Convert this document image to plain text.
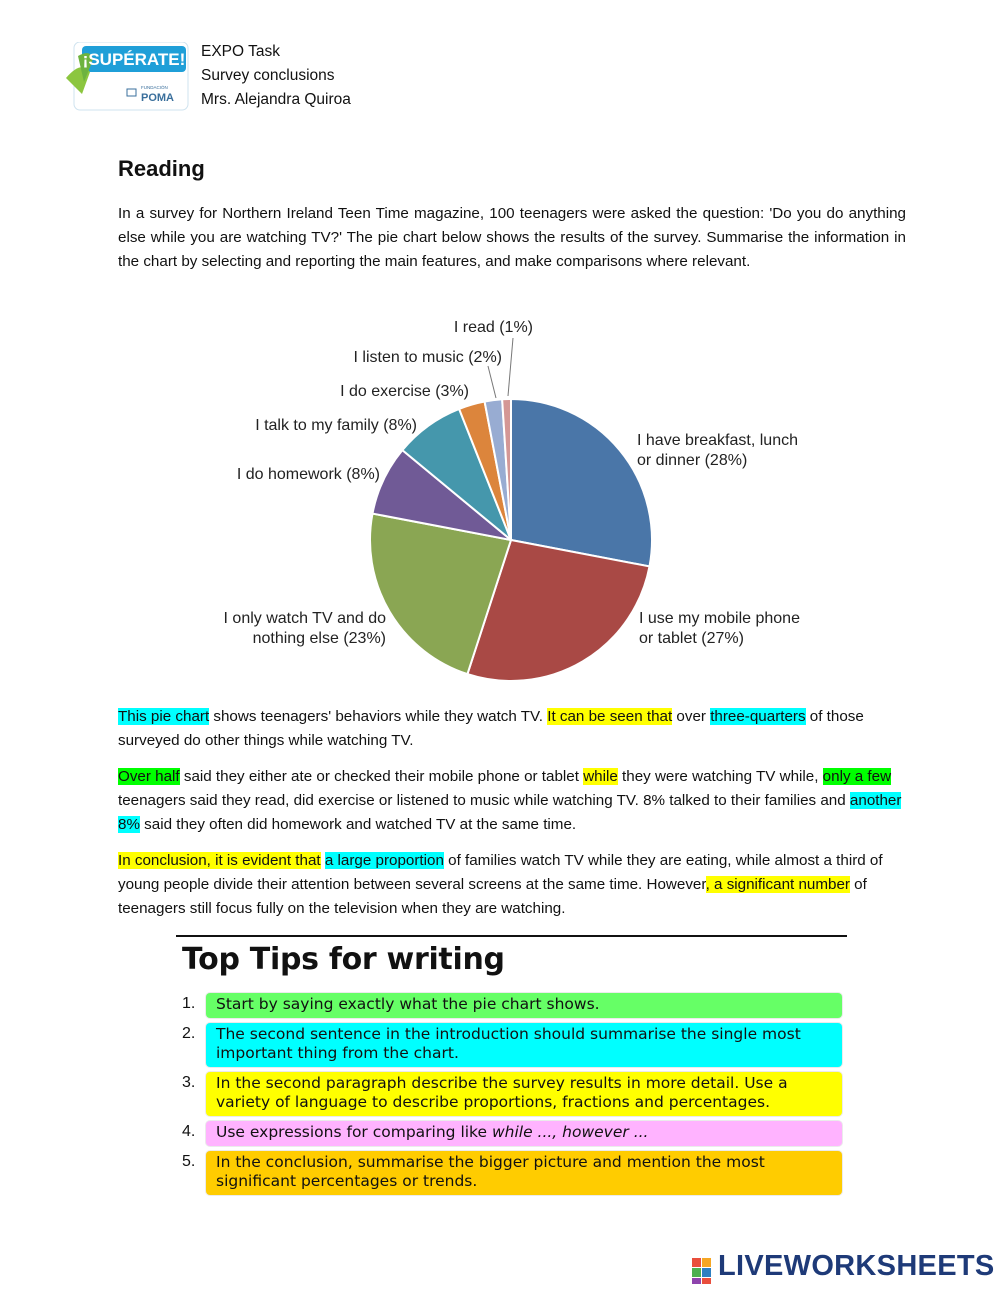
¡SUPÉRATE!
FUNDACIÓN
POMA
EXPO Task
Survey conclusions
Mrs. Alejandra Quiroa
Reading
In a survey for Northern Ireland Teen Time magazine, 100 teenagers were asked the question: 'Do you do anything else while you are watching TV?' The pie chart below shows the results of the survey. Summarise the information in the chart by selecting and reporting the main features, and make comparisons where relevant.
I have breakfast, lunch or dinner (28%)
I use my mobile phone or tablet (27%)
I only watch TV and do nothing else (23%)
I do homework (8%)
I talk to my family (8%)
I do exercise (3%)
I listen to music (2%)
I read (1%)
This pie chart shows teenagers' behaviors while they watch TV. It can be seen that over three-quarters of those surveyed do other things while watching TV.
Over half said they either ate or checked their mobile phone or tablet while they were watching TV while, only a few teenagers said they read, did exercise or listened to music while watching TV. 8% talked to their families and another 8% said they often did homework and watched TV at the same time.
In conclusion, it is evident that a large proportion of families watch TV while they are eating, while almost a third of young people divide their attention between several screens at the same time. However, a significant number of teenagers still focus fully on the television when they are watching.
Top Tips for writing
1.	Start by saying exactly what the pie chart shows.
2.	The second sentence in the introduction should summarise the single most important thing from the chart.
3.	In the second paragraph describe the survey results in more detail. Use a variety of language to describe proportions, fractions and percentages.
4.	Use expressions for comparing like while ..., however ...
5.	In the conclusion, summarise the bigger picture and mention the most significant percentages or trends.
LIVEWORKSHEETS
